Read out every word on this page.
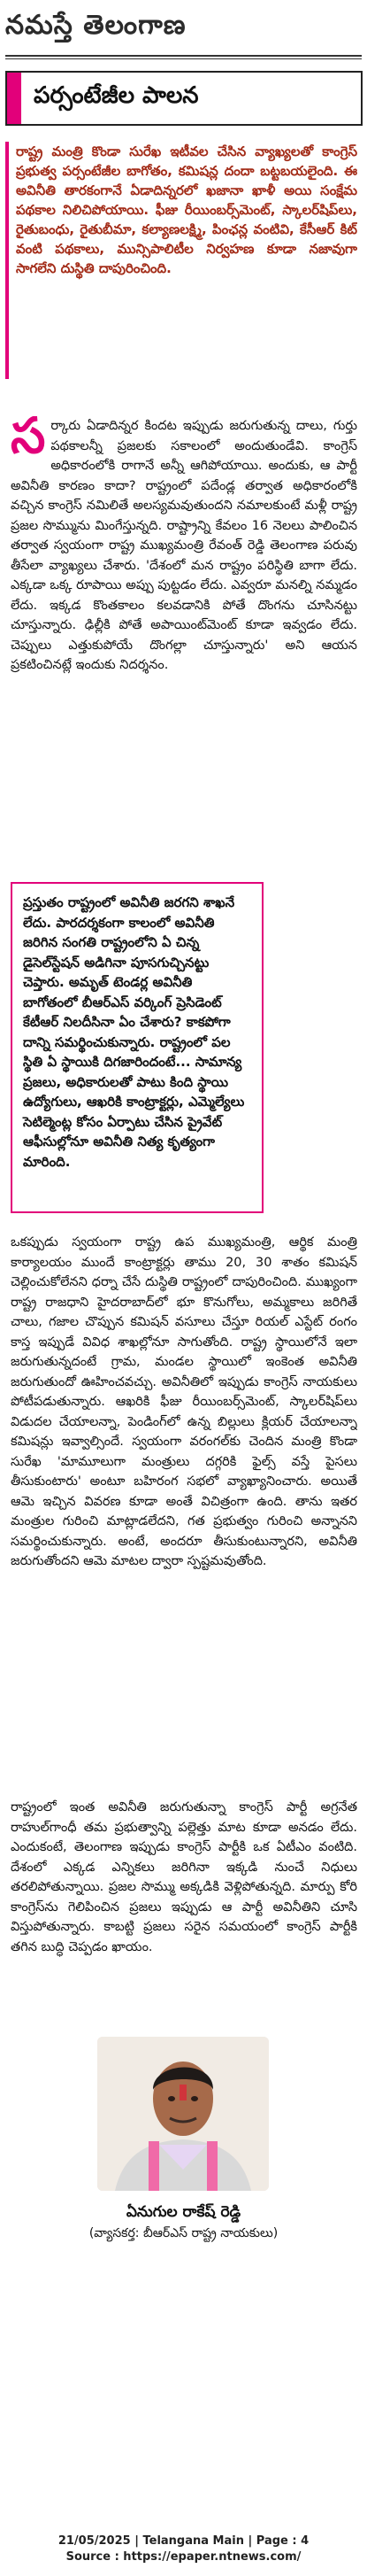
నమస్తే తెలంగాణ
పర్సంటేజీల పాలన

రాష్ట్ర మంత్రి కొండా సురేఖ ఇటీవల చేసిన వ్యాఖ్యలతో కాంగ్రెస్ ప్రభుత్వ పర్సంటేజీల బాగోతం, కమిషన్ల దందా బట్టబయలైంది. ఈ అవినీతి తారకంగానే ఏడాదిన్నరలో ఖజానా ఖాళీ అయి సంక్షేమ పథకాల నిలిచిపోయాయి. ఫీజు రీయింబర్స్‌మెంట్, స్కాలర్‌షిప్‌లు, రైతుబంధు, రైతుబీమా, కల్యాణలక్ష్మి, పింఛన్ల వంటివి, కేసీఆర్ కిట్ వంటి పథకాలు, మున్సిపాలిటీల నిర్వహణ కూడా నజావుగా సాగలేని దుస్థితి దాపురించింది.

స ర్కారు ఏడాదిన్నర కిందట ఇప్పుడు జరుగుతున్న దాలు, గుర్తు పథకాలన్నీ ప్రజలకు సకాలంలో అందుతుండేవి. కాంగ్రెస్ అధికారంలోకి రాగానే అన్నీ ఆగిపోయాయి. అందుకు, ఆ పార్టీ అవినీతి కారణం కాదా? రాష్ట్రంలో పదేండ్ల తర్వాత అధికారంలోకి వచ్చిన కాంగ్రెస్ నమిలితే అలస్యమవుతుందని నమాలకుంటే మళ్లీ రాష్ట్ర ప్రజల సొమ్మును మింగేస్తున్నది. రాష్ట్రాన్ని కేవలం 16 నెలలు పాలించిన తర్వాత స్వయంగా రాష్ట్ర ముఖ్యమంత్రి రేవంత్ రెడ్డి తెలంగాణ పరువు తీసేలా వ్యాఖ్యలు చేశారు. 'దేశంలో మన రాష్ట్రం పరిస్థితి బాగా లేదు. ఎక్కడా ఒక్క రూపాయి అప్పు పుట్టడం లేదు. ఎవ్వరూ మనల్ని నమ్మడం లేదు. ఇక్కడ కొంతకాలం కలవడానికి పోతే దొంగను చూసినట్టు చూస్తున్నారు. ఢిల్లీకి పోతే అపాయింట్‌మెంట్ కూడా ఇవ్వడం లేదు. చెప్పులు ఎత్తుకుపోయే దొంగల్లా చూస్తున్నారు' అని ఆయన ప్రకటించినట్లే ఇందుకు నిదర్శనం.

ప్రస్తుతం రాష్ట్రంలో అవినీతి జరగని శాఖనే లేదు. పారదర్శకంగా కాలంలో అవినీతి జరిగిన సంగతి రాష్ట్రంలోని ఏ చిన్న డైసెల్‌స్టేషన్ అడిగినా పూసగుచ్చినట్టు చెప్తారు. అమృత్ టెండర్ల అవినీతి బాగోతంలో బీఆర్‌ఎస్ వర్కింగ్ ప్రెసిడెంట్ కేటీఆర్ నిలదీసినా ఏం చేశారు? కాకపోగా దాన్ని సమర్థించుకున్నారు. రాష్ట్రంలో పల స్థితి ఏ స్థాయికి దిగజారిందంటే... సామాన్య ప్రజలు, అధికారులతో పాటు కింది స్థాయి ఉద్యోగులు, ఆఖరికి కాంట్రాక్టర్లు, ఎమ్మెల్యేలు సెటిల్మెంట్ల కోసం ఏర్పాటు చేసిన ప్రైవేట్ ఆఫీసుల్లోనూ అవినీతి నిత్య కృత్యంగా మారింది.

ఒకప్పుడు స్వయంగా రాష్ట్ర ఉప ముఖ్యమంత్రి, ఆర్థిక మంత్రి కార్యాలయం ముందే కాంట్రాక్టర్లు తాము 20, 30 శాతం కమిషన్ చెల్లించుకోలేనని ధర్నా చేసే దుస్థితి రాష్ట్రంలో దాపురించింది. ముఖ్యంగా రాష్ట్ర రాజధాని హైదరాబాద్‌లో భూ కొనుగోలు, అమ్మకాలు జరిగితే చాలు, గజాల చొప్పున కమిషన్ వసూలు చేస్తూ రియల్ ఎస్టేట్ రంగం కాస్త ఇప్పుడే వివిధ శాఖల్లోనూ సాగుతోంది. రాష్ట్ర స్థాయిలోనే ఇలా జరుగుతున్నదంటే గ్రామ, మండల స్థాయిలో ఇంకెంత అవినీతి జరుగుతుందో ఊహించవచ్చు. అవినీతిలో ఇప్పుడు కాంగ్రెస్ నాయకులు పోటీపడుతున్నారు. ఆఖరికి ఫీజు రీయింబర్స్‌మెంట్, స్కాలర్‌షిప్‌లు విడుదల చేయాలన్నా, పెండింగ్‌లో ఉన్న బిల్లులు క్లియర్ చేయాలన్నా కమిషన్లు ఇవ్వాల్సిందే. స్వయంగా వరంగల్‌కు చెందిన మంత్రి కొండా సురేఖ 'మామూలుగా మంత్రులు దగ్గరికి ఫైల్స్ వస్తే పైసలు తీసుకుంటారు' అంటూ బహిరంగ సభలో వ్యాఖ్యానించారు. అయితే ఆమె ఇచ్చిన వివరణ కూడా అంతే విచిత్రంగా ఉంది. తాను ఇతర మంత్రుల గురించి మాట్లాడలేదని, గత ప్రభుత్వం గురించి అన్నానని సమర్థించుకున్నారు. అంటే, అందరూ తీసుకుంటున్నారని, అవినీతి జరుగుతోందని ఆమె మాటల ద్వారా స్పష్టమవుతోంది.

రాష్ట్రంలో ఇంత అవినీతి జరుగుతున్నా కాంగ్రెస్ పార్టీ అగ్రనేత రాహుల్‌గాంధీ తమ ప్రభుత్వాన్ని పల్లెత్తు మాట కూడా అనడం లేదు. ఎందుకంటే, తెలంగాణ ఇప్పుడు కాంగ్రెస్ పార్టీకి ఒక ఏటీఎం వంటిది. దేశంలో ఎక్కడ ఎన్నికలు జరిగినా ఇక్కడి నుంచే నిధులు తరలిపోతున్నాయి. ప్రజల సొమ్ము అక్కడికి వెళ్లిపోతున్నది. మార్పు కోరి కాంగ్రెస్‌ను గెలిపించిన ప్రజలు ఇప్పుడు ఆ పార్టీ అవినీతిని చూసి విస్తుపోతున్నారు. కాబట్టి ప్రజలు సరైన సమయంలో కాంగ్రెస్ పార్టీకి తగిన బుద్ధి చెప్పడం ఖాయం.

ఏనుగుల రాకేష్ రెడ్డి
(వ్యాసకర్త: బీఆర్‌ఎస్ రాష్ట్ర నాయకులు)
21/05/2025 | Telangana Main | Page : 4
Source : https://epaper.ntnews.com/
